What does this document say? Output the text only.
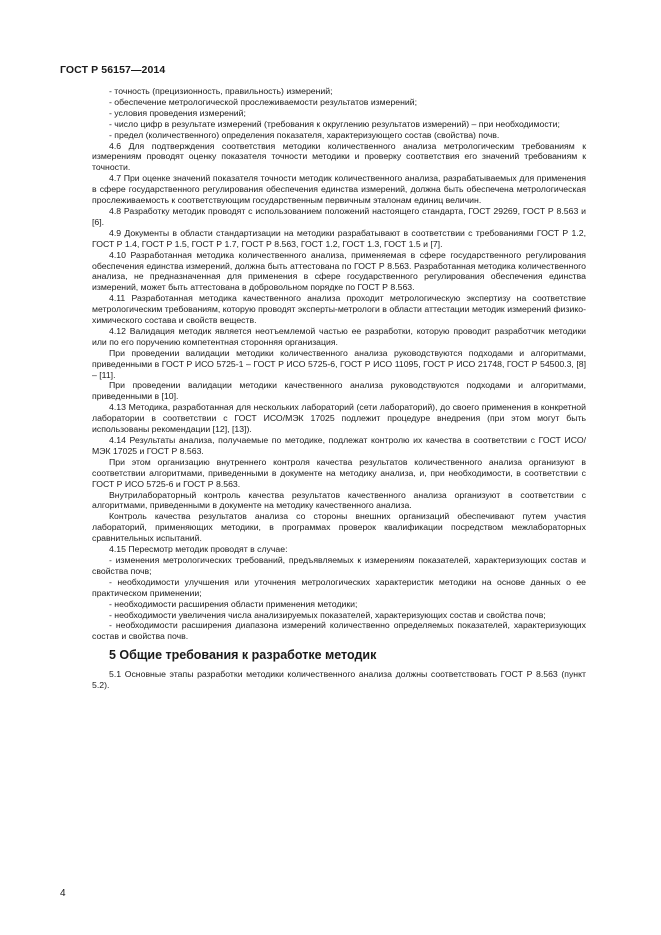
ГОСТ Р 56157—2014

- точность (прецизионность, правильность) измерений;

- обеспечение метрологической прослеживаемости результатов измерений;

- условия проведения измерений;

- число цифр в результате измерений (требования к округлению результатов измерений) – при необходимости;

- предел (количественного) определения показателя, характеризующего состав (свойства) почв.

4.6 Для подтверждения соответствия методики количественного анализа метрологическим требованиям к измерениям проводят оценку показателя точности методики и проверку соответствия его значений требованиям к точности.

4.7 При оценке значений показателя точности методик количественного анализа, разрабатываемых для применения в сфере государственного регулирования обеспечения единства измерений, должна быть обеспечена метрологическая прослеживаемость к соответствующим государственным первичным эталонам единиц величин.

4.8 Разработку методик проводят с использованием положений настоящего стандарта, ГОСТ 29269, ГОСТ Р 8.563 и [6].

4.9 Документы в области стандартизации на методики разрабатывают в соответствии с требованиями ГОСТ Р 1.2, ГОСТ Р 1.4, ГОСТ Р 1.5, ГОСТ Р 1.7, ГОСТ Р 8.563, ГОСТ 1.2, ГОСТ 1.3, ГОСТ 1.5 и [7].

4.10 Разработанная методика количественного анализа, применяемая в сфере государственного регулирования обеспечения единства измерений, должна быть аттестована по ГОСТ Р 8.563. Разработанная методика количественного анализа, не предназначенная для применения в сфере государственного регулирования обеспечения единства измерений, может быть аттестована в добровольном порядке по ГОСТ Р 8.563.

4.11 Разработанная методика качественного анализа проходит метрологическую экспертизу на соответствие метрологическим требованиям, которую проводят эксперты-метрологи в области аттестации методик измерений физико-химического состава и свойств веществ.

4.12 Валидация методик является неотъемлемой частью ее разработки, которую проводит разработчик методики или по его поручению компетентная сторонняя организация.

При проведении валидации методики количественного анализа руководствуются подходами и алгоритмами, приведенными в ГОСТ Р ИСО 5725-1 – ГОСТ Р ИСО 5725-6, ГОСТ Р ИСО 11095, ГОСТ Р ИСО 21748, ГОСТ Р 54500.3, [8] – [11].

При проведении валидации методики качественного анализа руководствуются подходами и алгоритмами, приведенными в [10].

4.13 Методика, разработанная для нескольких лабораторий (сети лабораторий), до своего применения в конкретной лаборатории в соответствии с ГОСТ ИСО/МЭК 17025 подлежит процедуре внедрения (при этом могут быть использованы рекомендации [12], [13]).

4.14 Результаты анализа, получаемые по методике, подлежат контролю их качества в соответствии с ГОСТ ИСО/МЭК 17025 и ГОСТ Р 8.563.

При этом организацию внутреннего контроля качества результатов количественного анализа организуют в соответствии алгоритмами, приведенными в документе на методику анализа, и, при необходимости, в соответствии с ГОСТ Р ИСО 5725-6 и ГОСТ Р 8.563.

Внутрилабораторный контроль качества результатов качественного анализа организуют в соответствии с алгоритмами, приведенными в документе на методику качественного анализа.

Контроль качества результатов анализа со стороны внешних организаций обеспечивают путем участия лабораторий, применяющих методики, в программах проверок квалификации посредством межлабораторных сравнительных испытаний.

4.15 Пересмотр методик проводят в случае:

- изменения метрологических требований, предъявляемых к измерениям показателей, характеризующих состав и свойства почв;

- необходимости улучшения или уточнения метрологических характеристик методики на основе данных о ее практическом применении;

- необходимости расширения области применения методики;

- необходимости увеличения числа анализируемых показателей, характеризующих состав и свойства почв;

- необходимости расширения диапазона измерений количественно определяемых показателей, характеризующих состав и свойства почв.

5 Общие требования к разработке методик

5.1 Основные этапы разработки методики количественного анализа должны соответствовать ГОСТ Р 8.563 (пункт 5.2).

4
